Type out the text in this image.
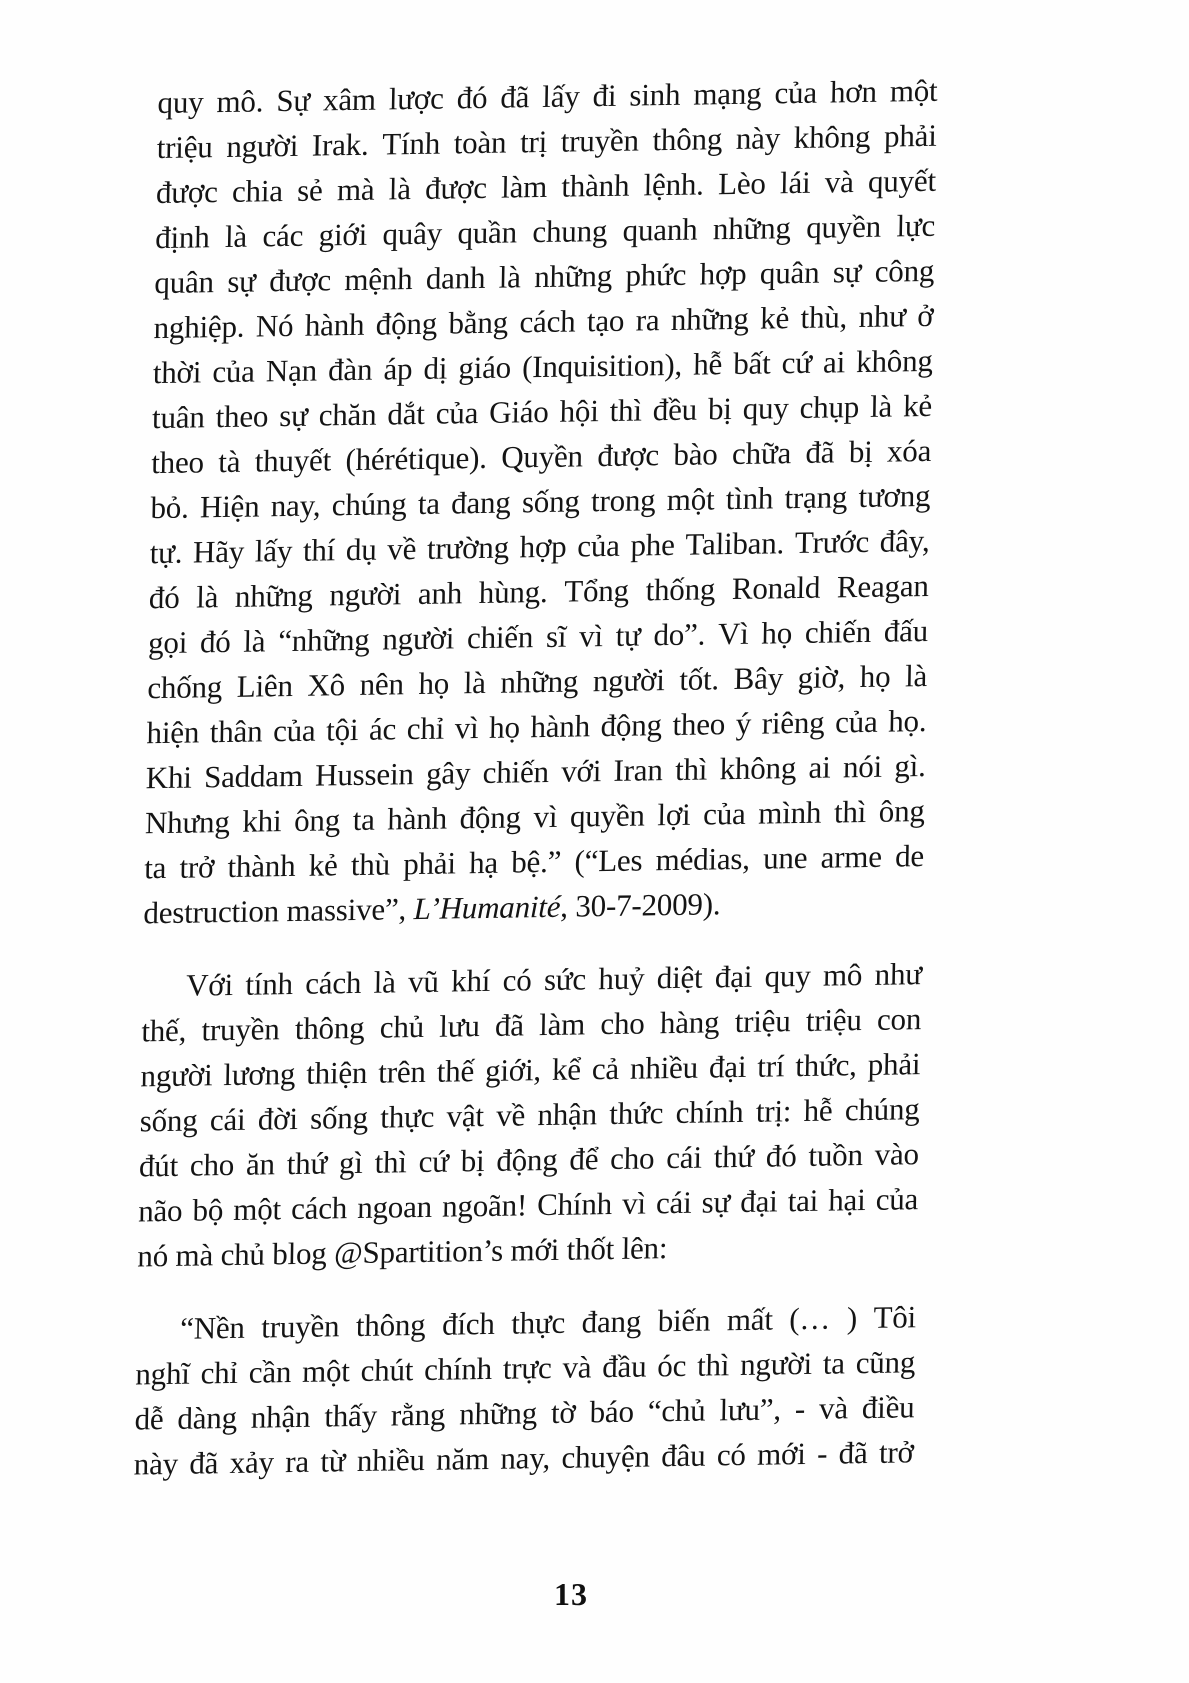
quy mô. Sự xâm lược đó đã lấy đi sinh mạng của hơn một
triệu người Irak. Tính toàn trị truyền thông này không phải
được chia sẻ mà là được làm thành lệnh. Lèo lái và quyết
định là các giới quây quần chung quanh những quyền lực
quân sự được mệnh danh là những phức hợp quân sự công
nghiệp. Nó hành động bằng cách tạo ra những kẻ thù, như ở
thời của Nạn đàn áp dị giáo (Inquisition), hễ bất cứ ai không
tuân theo sự chăn dắt của Giáo hội thì đều bị quy chụp là kẻ
theo tà thuyết (hérétique). Quyền được bào chữa đã bị xóa
bỏ. Hiện nay, chúng ta đang sống trong một tình trạng tương
tự. Hãy lấy thí dụ về trường hợp của phe Taliban. Trước đây,
đó là những người anh hùng. Tổng thống Ronald Reagan
gọi đó là “những người chiến sĩ vì tự do”. Vì họ chiến đấu
chống Liên Xô nên họ là những người tốt. Bây giờ, họ là
hiện thân của tội ác chỉ vì họ hành động theo ý riêng của họ.
Khi Saddam Hussein gây chiến với Iran thì không ai nói gì.
Nhưng khi ông ta hành động vì quyền lợi của mình thì ông
ta trở thành kẻ thù phải hạ bệ.” (“Les médias, une arme de
destruction massive”, L’Humanité, 30-7-2009).
Với tính cách là vũ khí có sức huỷ diệt đại quy mô như
thế, truyền thông chủ lưu đã làm cho hàng triệu triệu con
người lương thiện trên thế giới, kể cả nhiều đại trí thức, phải
sống cái đời sống thực vật về nhận thức chính trị: hễ chúng
đút cho ăn thứ gì thì cứ bị động để cho cái thứ đó tuồn vào
não bộ một cách ngoan ngoãn! Chính vì cái sự đại tai hại của
nó mà chủ blog @Spartition’s mới thốt lên:
“Nền truyền thông đích thực đang biến mất (… ) Tôi
nghĩ chỉ cần một chút chính trực và đầu óc thì người ta cũng
dễ dàng nhận thấy rằng những tờ báo “chủ lưu”, - và điều
này đã xảy ra từ nhiều năm nay, chuyện đâu có mới - đã trở
13
